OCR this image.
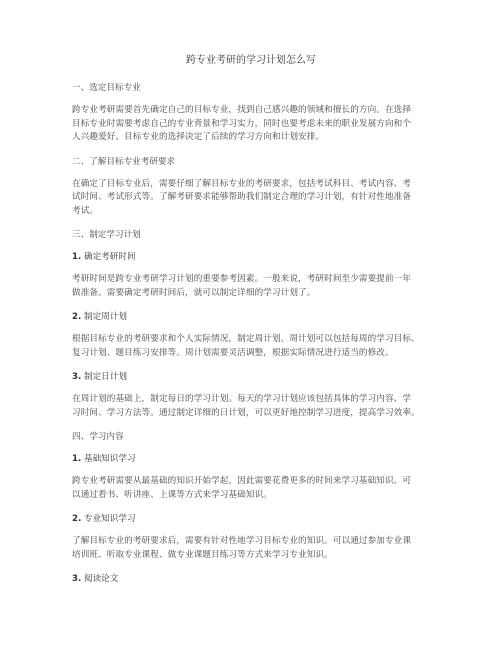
跨专业考研的学习计划怎么写
一、选定目标专业
跨专业考研需要首先确定自己的目标专业，找到自己感兴趣的领域和擅长的方向。在选择
目标专业时需要考虑自己的专业背景和学习实力，同时也要考虑未来的职业发展方向和个
人兴趣爱好。目标专业的选择决定了后续的学习方向和计划安排。
二、了解目标专业考研要求
在确定了目标专业后，需要仔细了解目标专业的考研要求，包括考试科目、考试内容、考
试时间、考试形式等。了解考研要求能够帮助我们制定合理的学习计划，有针对性地准备
考试。
三、制定学习计划
1. 确定考研时间
考研时间是跨专业考研学习计划的重要参考因素。一般来说，考研时间至少需要提前一年
做准备。需要确定考研时间后，就可以制定详细的学习计划了。
2. 制定周计划
根据目标专业的考研要求和个人实际情况，制定周计划。周计划可以包括每周的学习目标、
复习计划、题目练习安排等。周计划需要灵活调整，根据实际情况进行适当的修改。
3. 制定日计划
在周计划的基础上，制定每日的学习计划。每天的学习计划应该包括具体的学习内容、学
习时间、学习方法等。通过制定详细的日计划，可以更好地控制学习进度，提高学习效率。
四、学习内容
1. 基础知识学习
跨专业考研需要从最基础的知识开始学起，因此需要花费更多的时间来学习基础知识。可
以通过看书、听讲座、上课等方式来学习基础知识。
2. 专业知识学习
了解目标专业的考研要求后，需要有针对性地学习目标专业的知识。可以通过参加专业课
培训班、听取专业课程、做专业课题目练习等方式来学习专业知识。
3. 阅读论文
